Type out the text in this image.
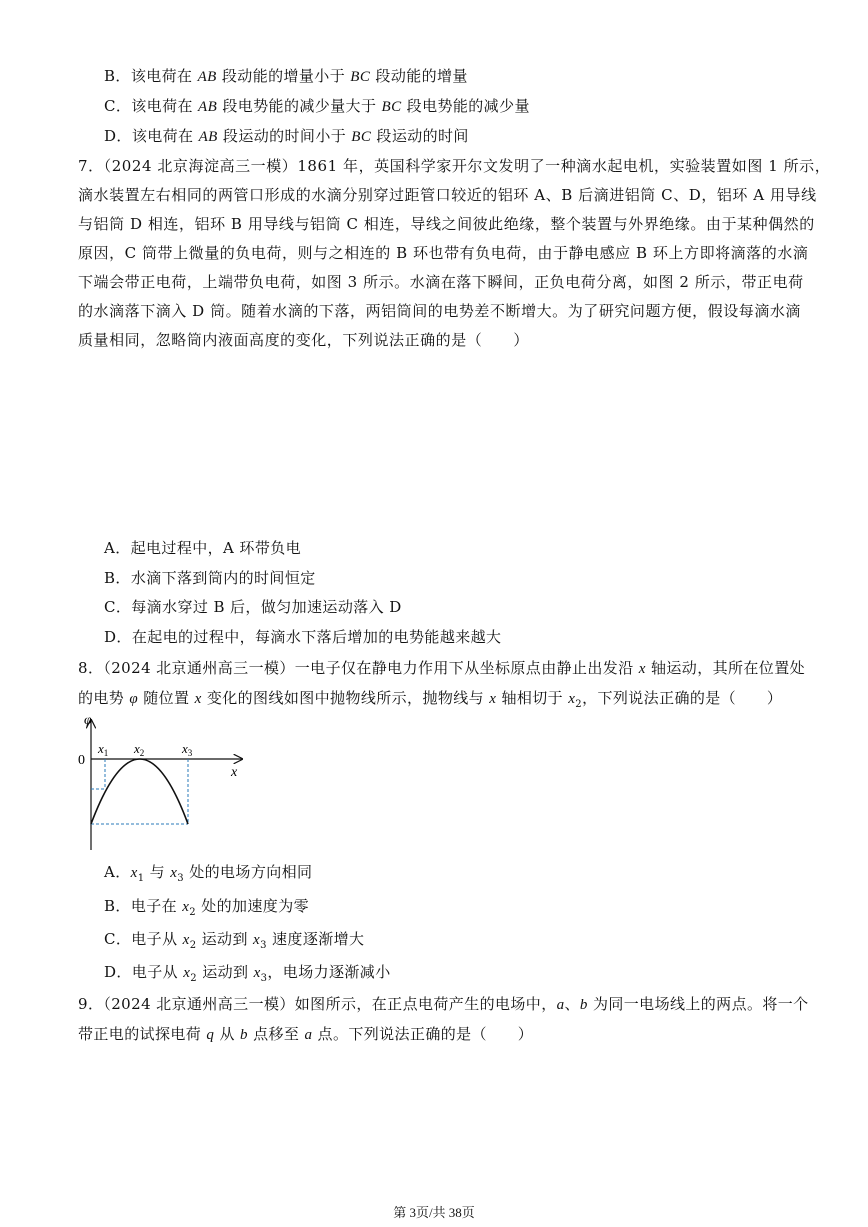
B．该电荷在 AB 段动能的增量小于 BC 段动能的增量
C．该电荷在 AB 段电势能的减少量大于 BC 段电势能的减少量
D．该电荷在 AB 段运动的时间小于 BC 段运动的时间
7．（2024 北京海淀高三一模）1861 年，英国科学家开尔文发明了一种滴水起电机，实验装置如图 1 所示，
滴水装置左右相同的两管口形成的水滴分别穿过距管口较近的铝环 A、B 后滴进铝筒 C、D，铝环 A 用导线
与铝筒 D 相连，铝环 B 用导线与铝筒 C 相连，导线之间彼此绝缘，整个装置与外界绝缘。由于某种偶然的
原因，C 筒带上微量的负电荷，则与之相连的 B 环也带有负电荷，由于静电感应 B 环上方即将滴落的水滴
下端会带正电荷，上端带负电荷，如图 3 所示。水滴在落下瞬间，正负电荷分离，如图 2 所示，带正电荷
的水滴落下滴入 D 筒。随着水滴的下落，两铝筒间的电势差不断增大。为了研究问题方便，假设每滴水滴
质量相同，忽略筒内液面高度的变化，下列说法正确的是（　　）
A．起电过程中，A 环带负电
B．水滴下落到筒内的时间恒定
C．每滴水穿过 B 后，做匀加速运动落入 D
D．在起电的过程中，每滴水下落后增加的电势能越来越大
8．（2024 北京通州高三一模）一电子仅在静电力作用下从坐标原点由静止出发沿 x 轴运动，其所在位置处
的电势 φ 随位置 x 变化的图线如图中抛物线所示，抛物线与 x 轴相切于 $x_2$，下列说法正确的是（　　）
φ
0
x
$x_1$ $x_2$	$x_3$
A．$x_1$ 与 $x_3$ 处的电场方向相同
B．电子在 $x_2$ 处的加速度为零
C．电子从 $x_2$ 运动到 $x_3$ 速度逐渐增大
D．电子从 $x_2$ 运动到 $x_3$，电场力逐渐减小
9．（2024 北京通州高三一模）如图所示，在正点电荷产生的电场中，a、b 为同一电场线上的两点。将一个
带正电的试探电荷 q 从 b 点移至 a 点。下列说法正确的是（　　）
第 3页/共 38页
